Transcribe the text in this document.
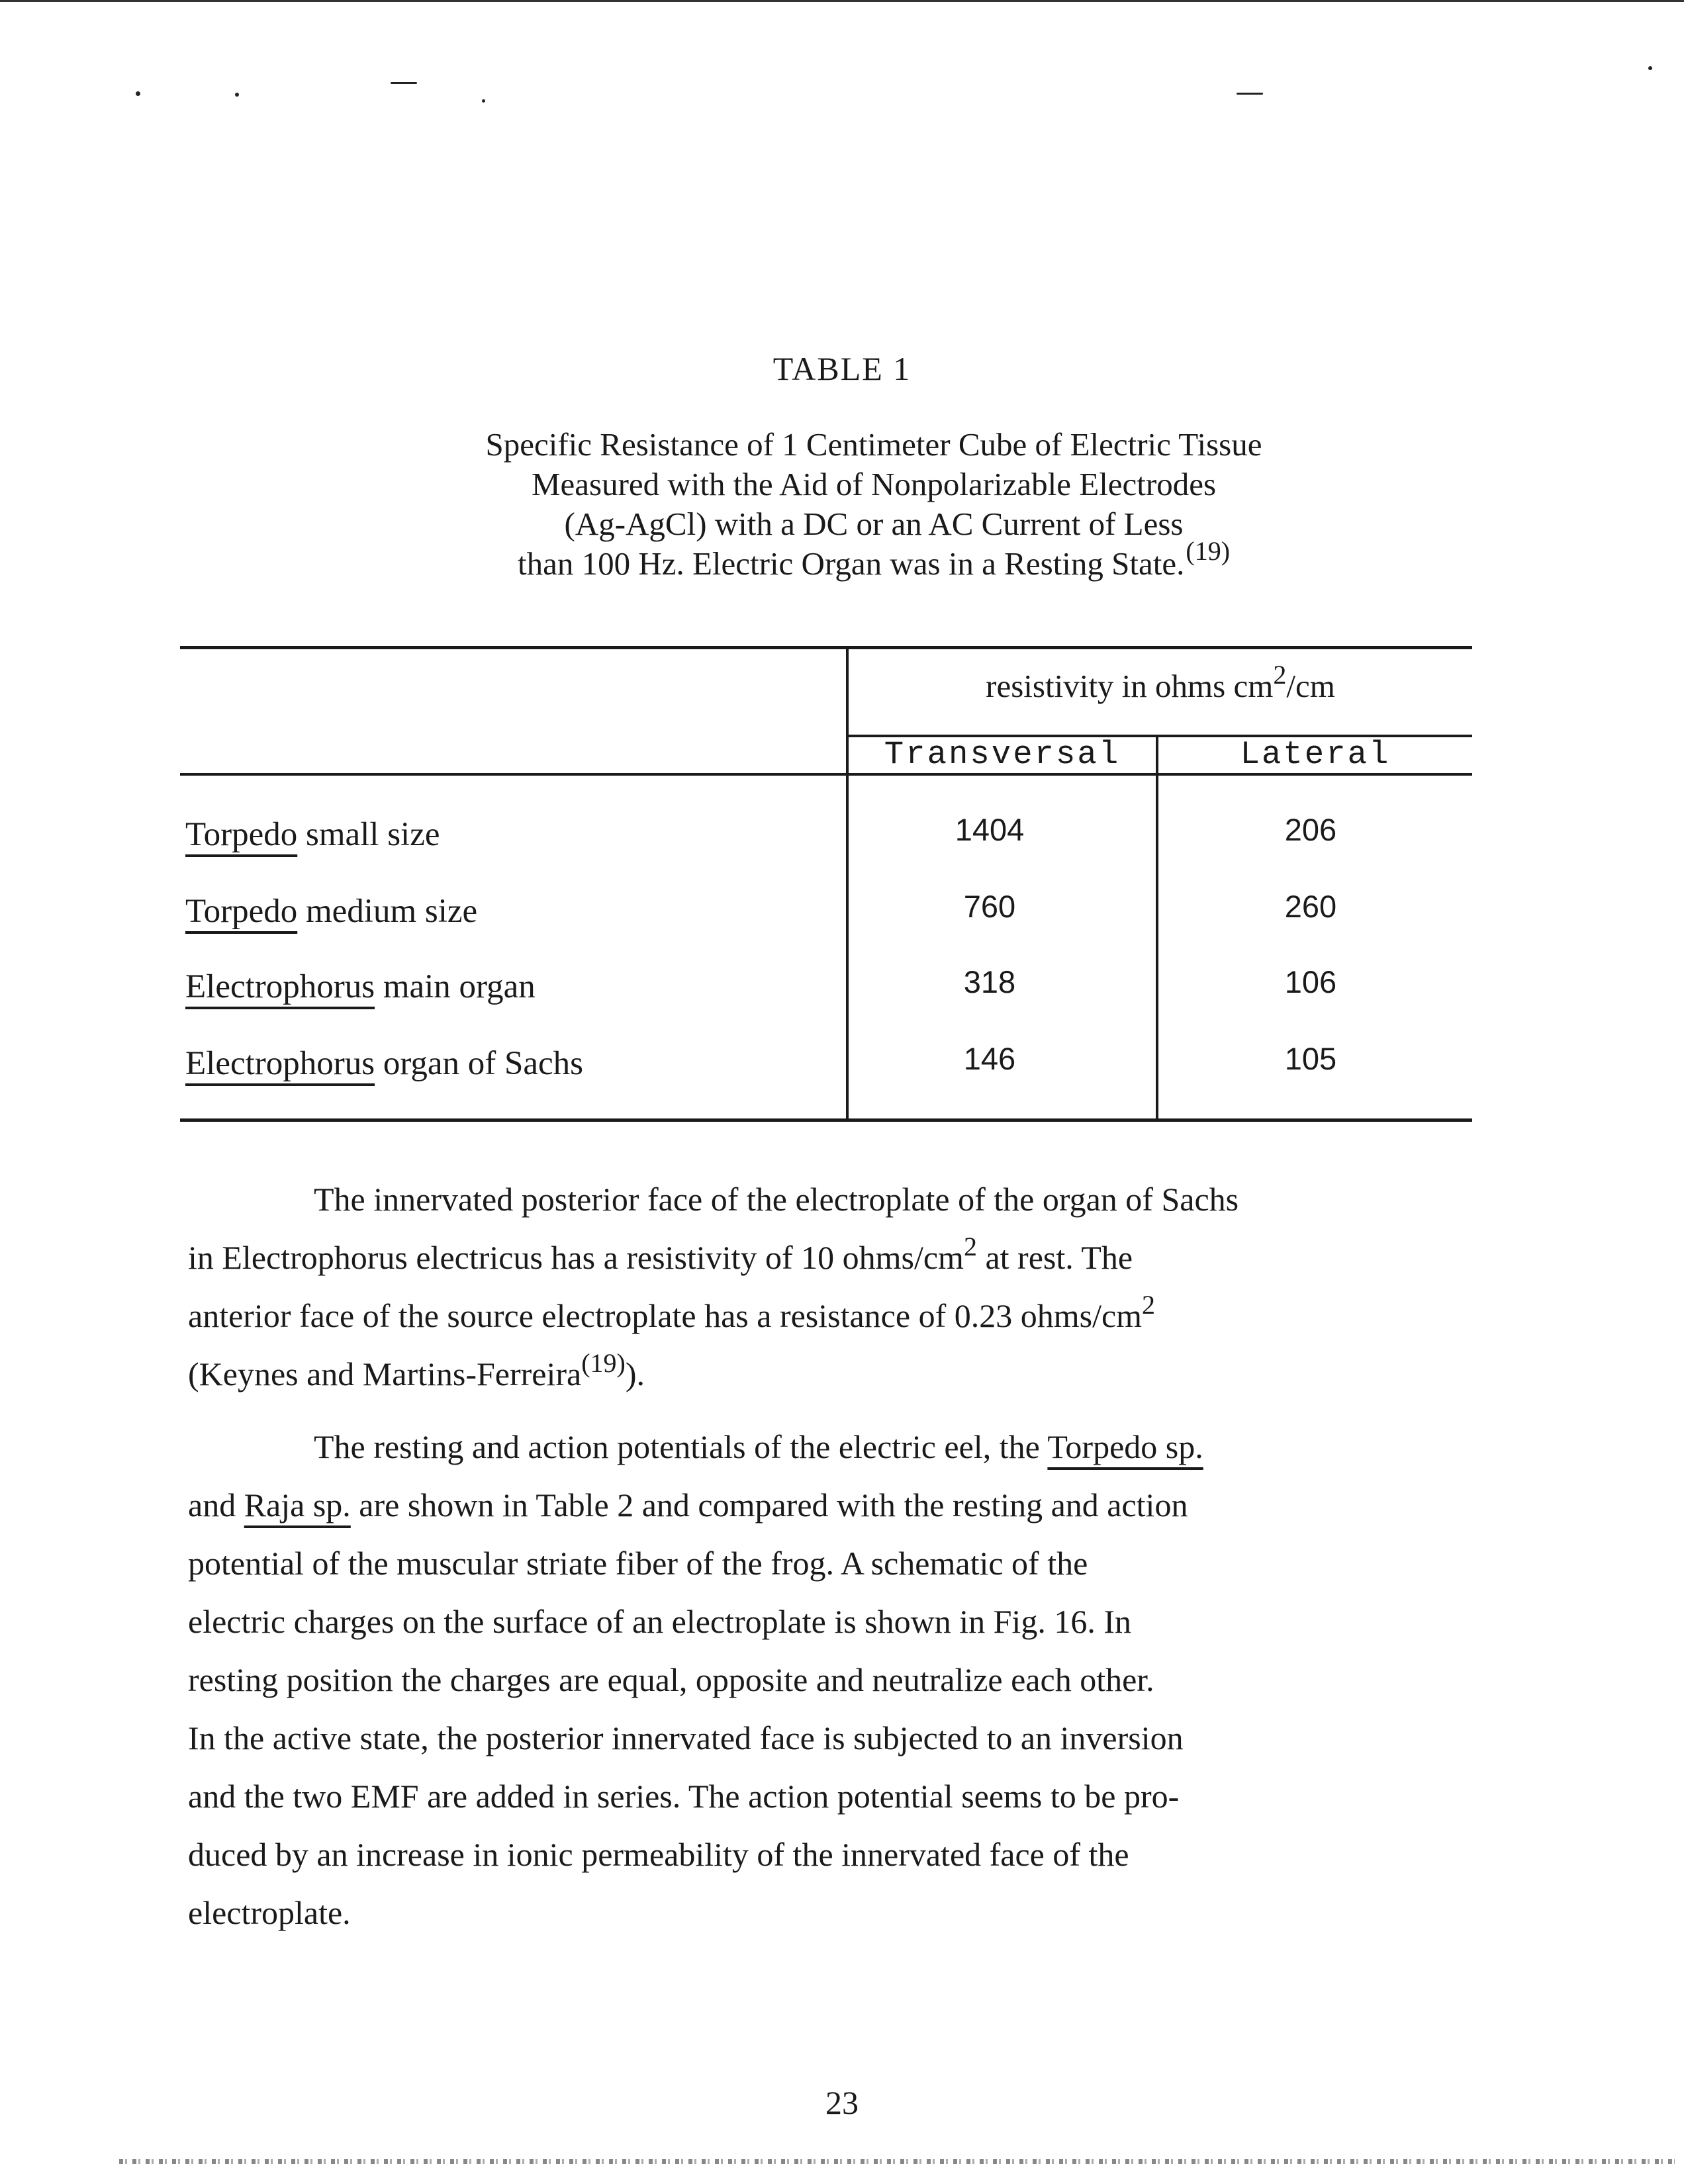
TABLE 1
Specific Resistance of 1 Centimeter Cube of Electric Tissue
Measured with the Aid of Nonpolarizable Electrodes
(Ag-AgCl) with a DC or an AC Current of Less
than 100 Hz. Electric Organ was in a Resting State.$^{(19)}$
resistivity in ohms $cm^2/cm$
Transversal	Lateral
Torpedo small size	1404	206
Torpedo medium size	760	260
Electrophorus main organ	318	106
Electrophorus organ of Sachs	146	105
The innervated posterior face of the electroplate of the organ of Sachs
in Electrophorus electricus has a resistivity of 10 ohms/$cm^2$ at rest. The
anterior face of the source electroplate has a resistance of 0.23 ohms/$cm^2$
(Keynes and Martins-Ferreira$^{(19)}$).
The resting and action potentials of the electric eel, the Torpedo sp.
and Raja sp. are shown in Table 2 and compared with the resting and action
potential of the muscular striate fiber of the frog. A schematic of the
electric charges on the surface of an electroplate is shown in Fig. 16. In
resting position the charges are equal, opposite and neutralize each other.
In the active state, the posterior innervated face is subjected to an inversion
and the two EMF are added in series. The action potential seems to be pro-
duced by an increase in ionic permeability of the innervated face of the
electroplate.
23
